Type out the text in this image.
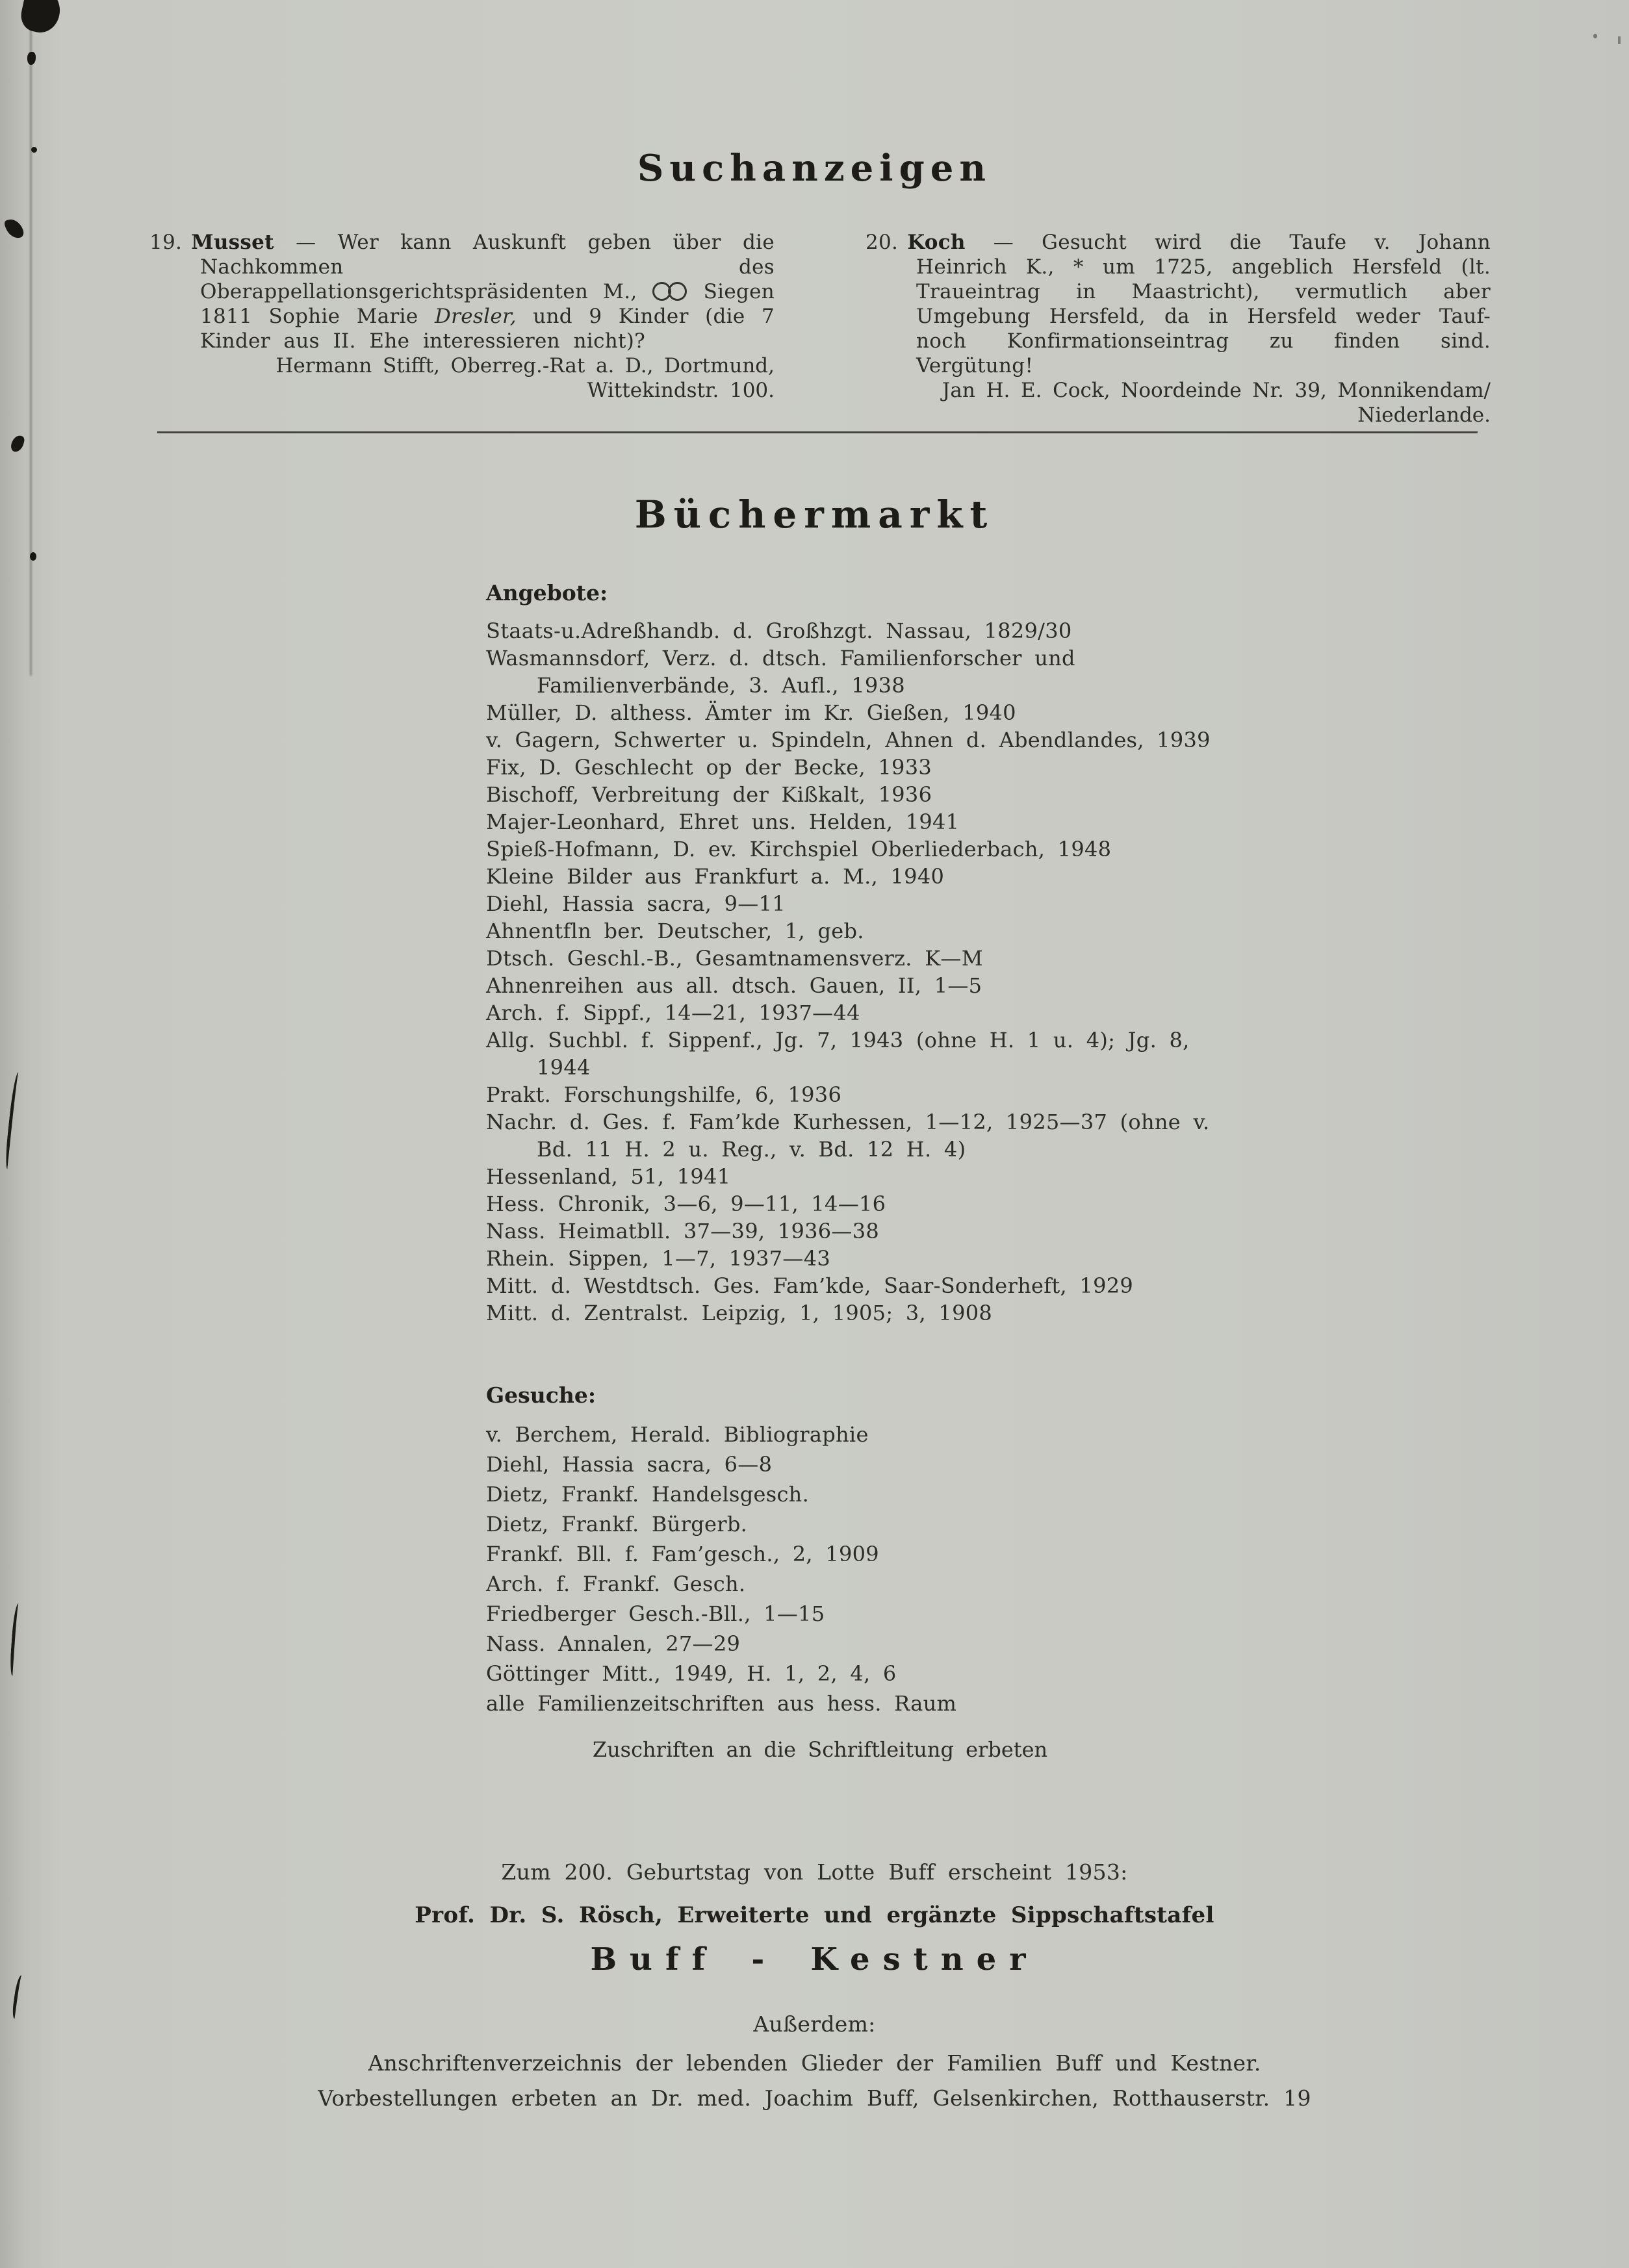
Suchanzeigen

19. Musset — Wer kann Auskunft geben über die Nachkommen des Oberappellationsgerichtspräsidenten M.,	Siegen 1811 Sophie Marie Dresler, und 9 Kinder (die 7 Kinder aus II. Ehe interessieren nicht)?

Hermann Stifft, Oberreg.-Rat a. D., Dortmund,

Wittekindstr. 100.

20. Koch — Gesucht wird die Taufe v. Johann Heinrich K., * um 1725, angeblich Hersfeld (lt. Traueintrag in Maastricht), vermutlich aber Umgebung Hersfeld, da in Hersfeld weder Tauf- noch Konfirmationseintrag zu finden sind. Vergütung!

Jan H. E. Cock, Noordeinde Nr. 39, Monnikendam/

Niederlande.

Büchermarkt

Angebote:

Staats-u.Adreßhandb. d. Großhzgt. Nassau, 1829/30
Wasmannsdorf, Verz. d. dtsch. Familienforscher und Familienverbände, 3. Aufl., 1938
Müller, D. althess. Ämter im Kr. Gießen, 1940
v. Gagern, Schwerter u. Spindeln, Ahnen d. Abendlandes, 1939
Fix, D. Geschlecht op der Becke, 1933
Bischoff, Verbreitung der Kißkalt, 1936
Majer-Leonhard, Ehret uns. Helden, 1941
Spieß-Hofmann, D. ev. Kirchspiel Oberliederbach, 1948
Kleine Bilder aus Frankfurt a. M., 1940
Diehl, Hassia sacra, 9—11
Ahnentfln ber. Deutscher, 1, geb.
Dtsch. Geschl.-B., Gesamtnamensverz. K—M
Ahnenreihen aus all. dtsch. Gauen, II, 1—5
Arch. f. Sippf., 14—21, 1937—44
Allg. Suchbl. f. Sippenf., Jg. 7, 1943 (ohne H. 1 u. 4); Jg. 8, 1944
Prakt. Forschungshilfe, 6, 1936
Nachr. d. Ges. f. Fam’kde Kurhessen, 1—12, 1925—37 (ohne v. Bd. 11 H. 2 u. Reg., v. Bd. 12 H. 4)
Hessenland, 51, 1941
Hess. Chronik, 3—6, 9—11, 14—16
Nass. Heimatbll. 37—39, 1936—38
Rhein. Sippen, 1—7, 1937—43
Mitt. d. Westdtsch. Ges. Fam’kde, Saar-Sonderheft, 1929
Mitt. d. Zentralst. Leipzig, 1, 1905; 3, 1908

Gesuche:

v. Berchem, Herald. Bibliographie
Diehl, Hassia sacra, 6—8
Dietz, Frankf. Handelsgesch.
Dietz, Frankf. Bürgerb.
Frankf. Bll. f. Fam’gesch., 2, 1909
Arch. f. Frankf. Gesch.
Friedberger Gesch.-Bll., 1—15
Nass. Annalen, 27—29
Göttinger Mitt., 1949, H. 1, 2, 4, 6
alle Familienzeitschriften aus hess. Raum
Zuschriften an die Schriftleitung erbeten
Zum 200. Geburtstag von Lotte Buff erscheint 1953:
Prof. Dr. S. Rösch, Erweiterte und ergänzte Sippschaftstafel
Buff - Kestner
Außerdem:
Anschriftenverzeichnis der lebenden Glieder der Familien Buff und Kestner.
Vorbestellungen erbeten an Dr. med. Joachim Buff, Gelsenkirchen, Rotthauserstr. 19
